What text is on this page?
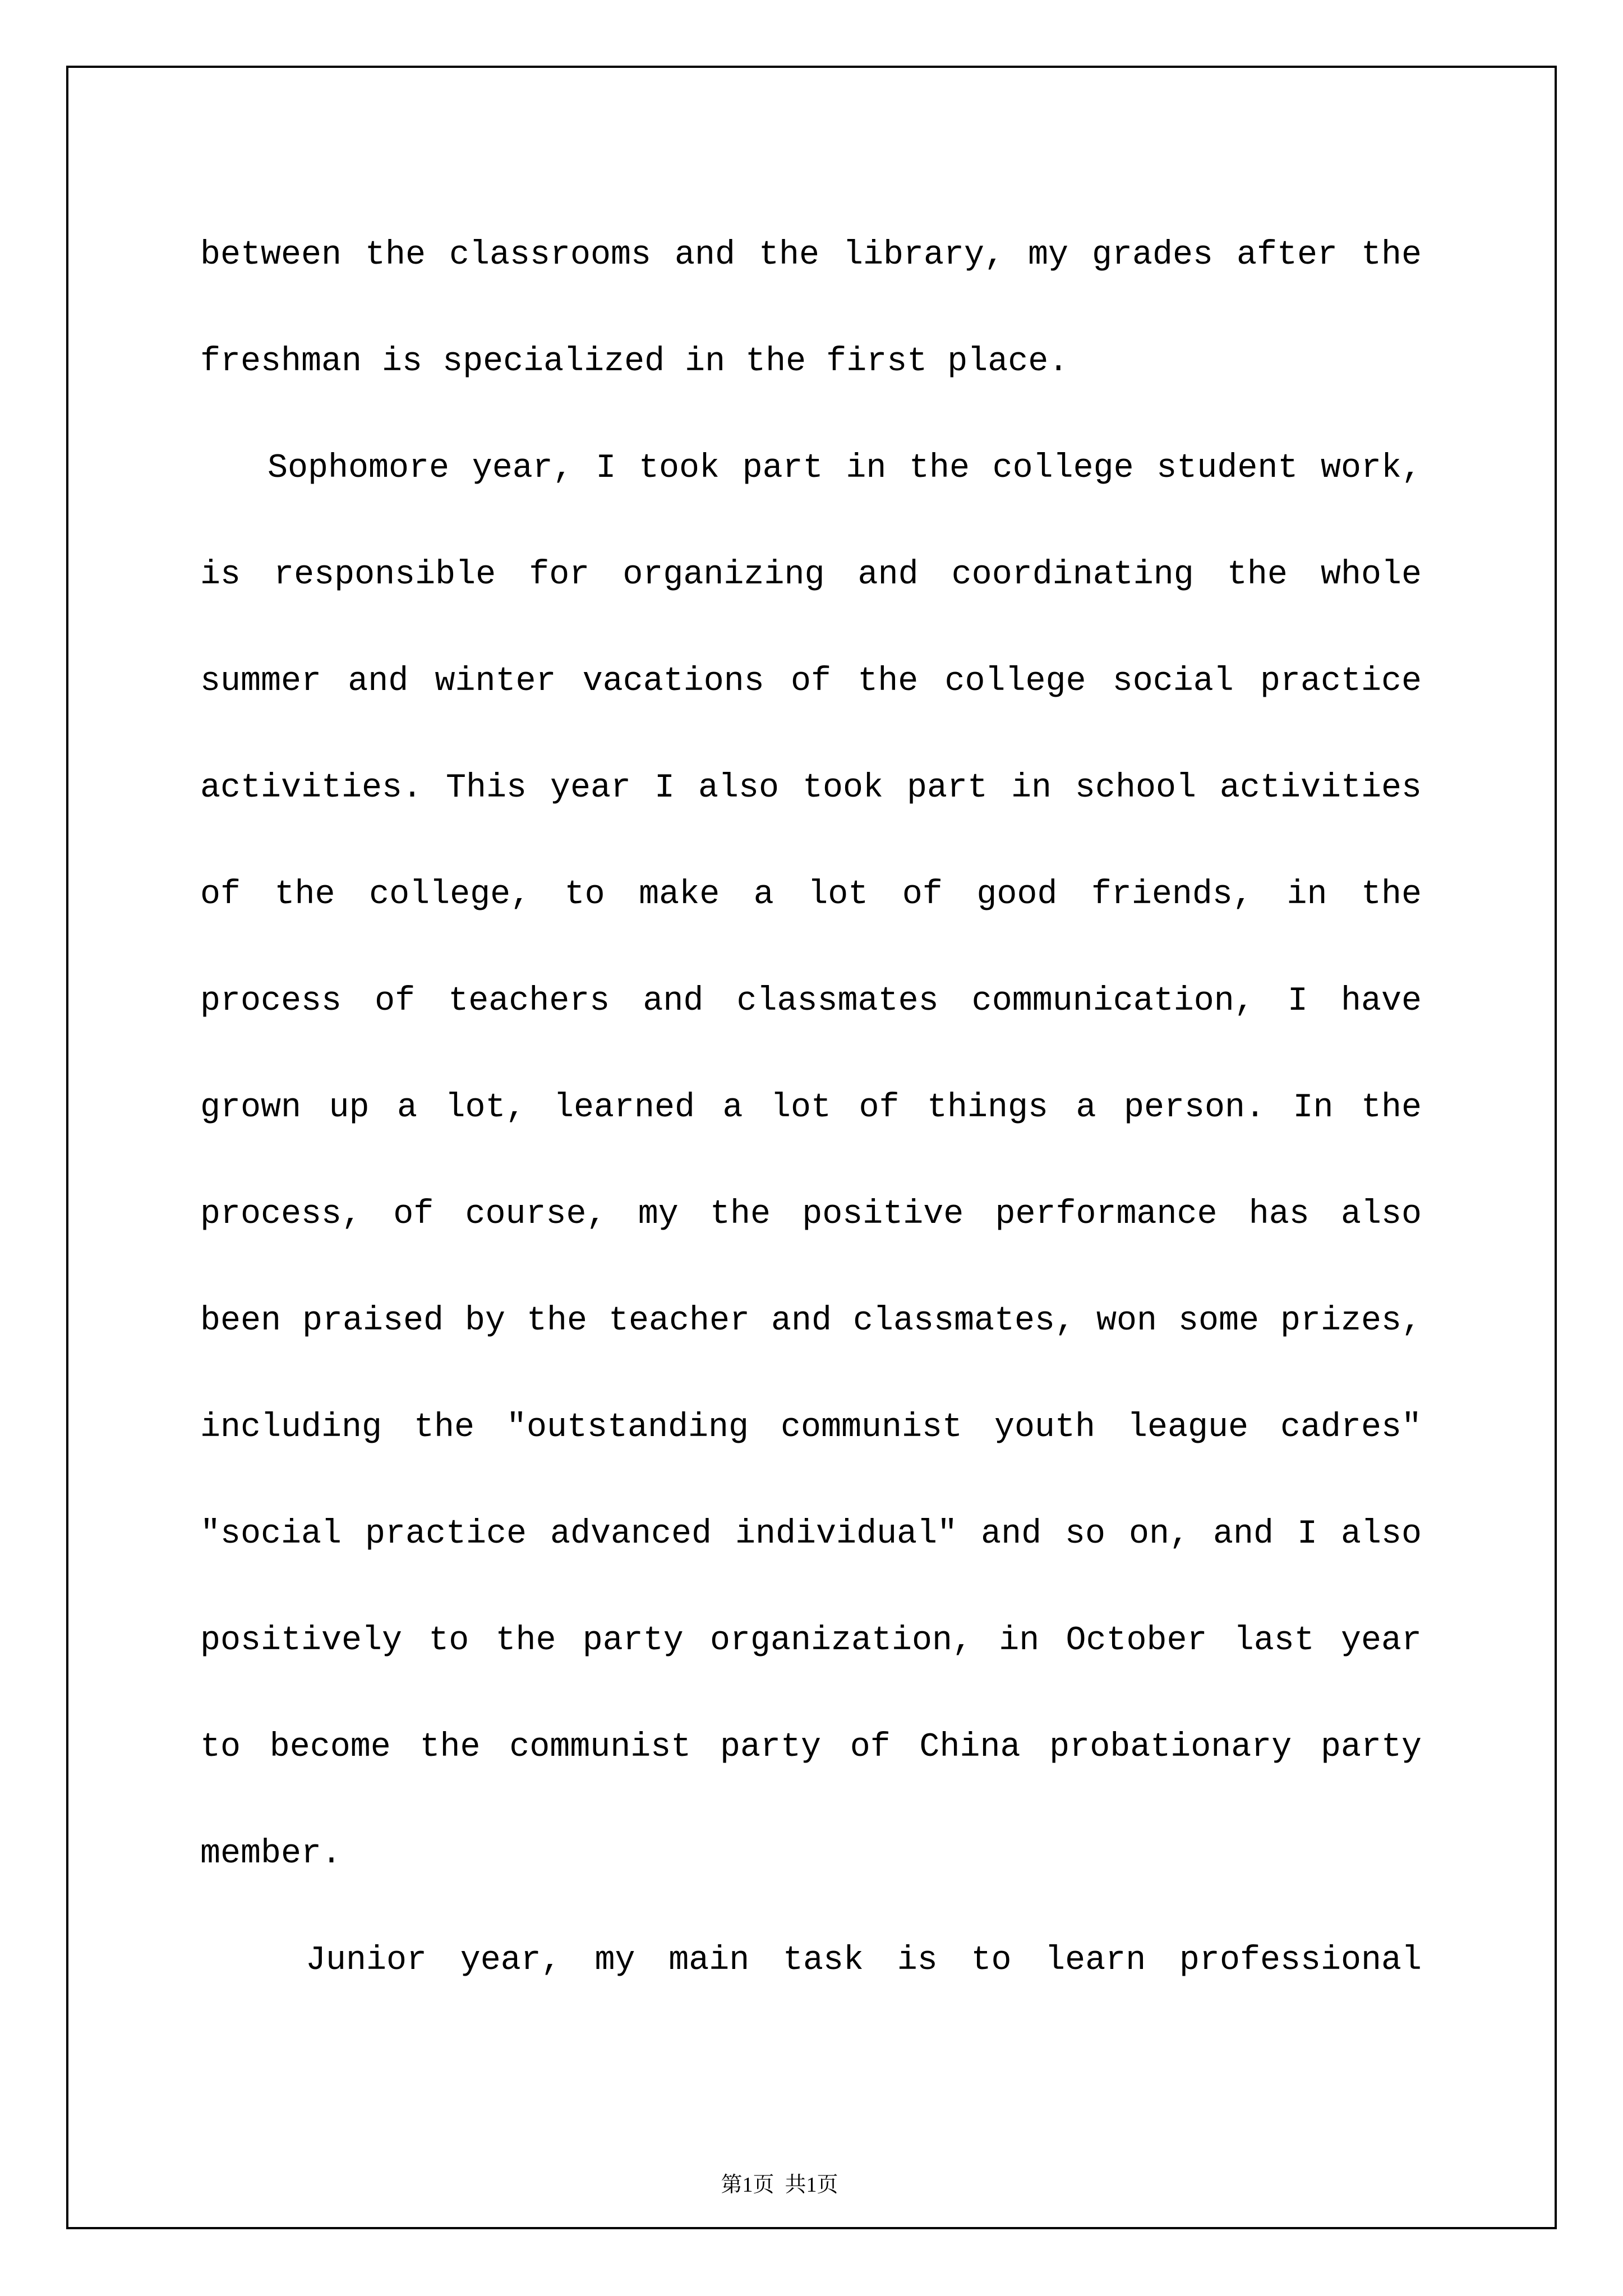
between the classrooms and the library, my grades after the
freshman is specialized in the first place.
Sophomore year, I took part in the college student work,
is responsible for organizing and coordinating the whole
summer and winter vacations of the college social practice
activities. This year I also took part in school activities
of the college, to make a lot of good friends, in the
process of teachers and classmates communication, I have
grown up a lot, learned a lot of things a person. In the
process, of course, my the positive performance has also
been praised by the teacher and classmates, won some prizes,
including the "outstanding communist youth league cadres"
"social practice advanced individual" and so on, and I also
positively to the party organization, in October last year
to become the communist party of China probationary party
member.
Junior year, my main task is to learn professional

第1页  共1页
